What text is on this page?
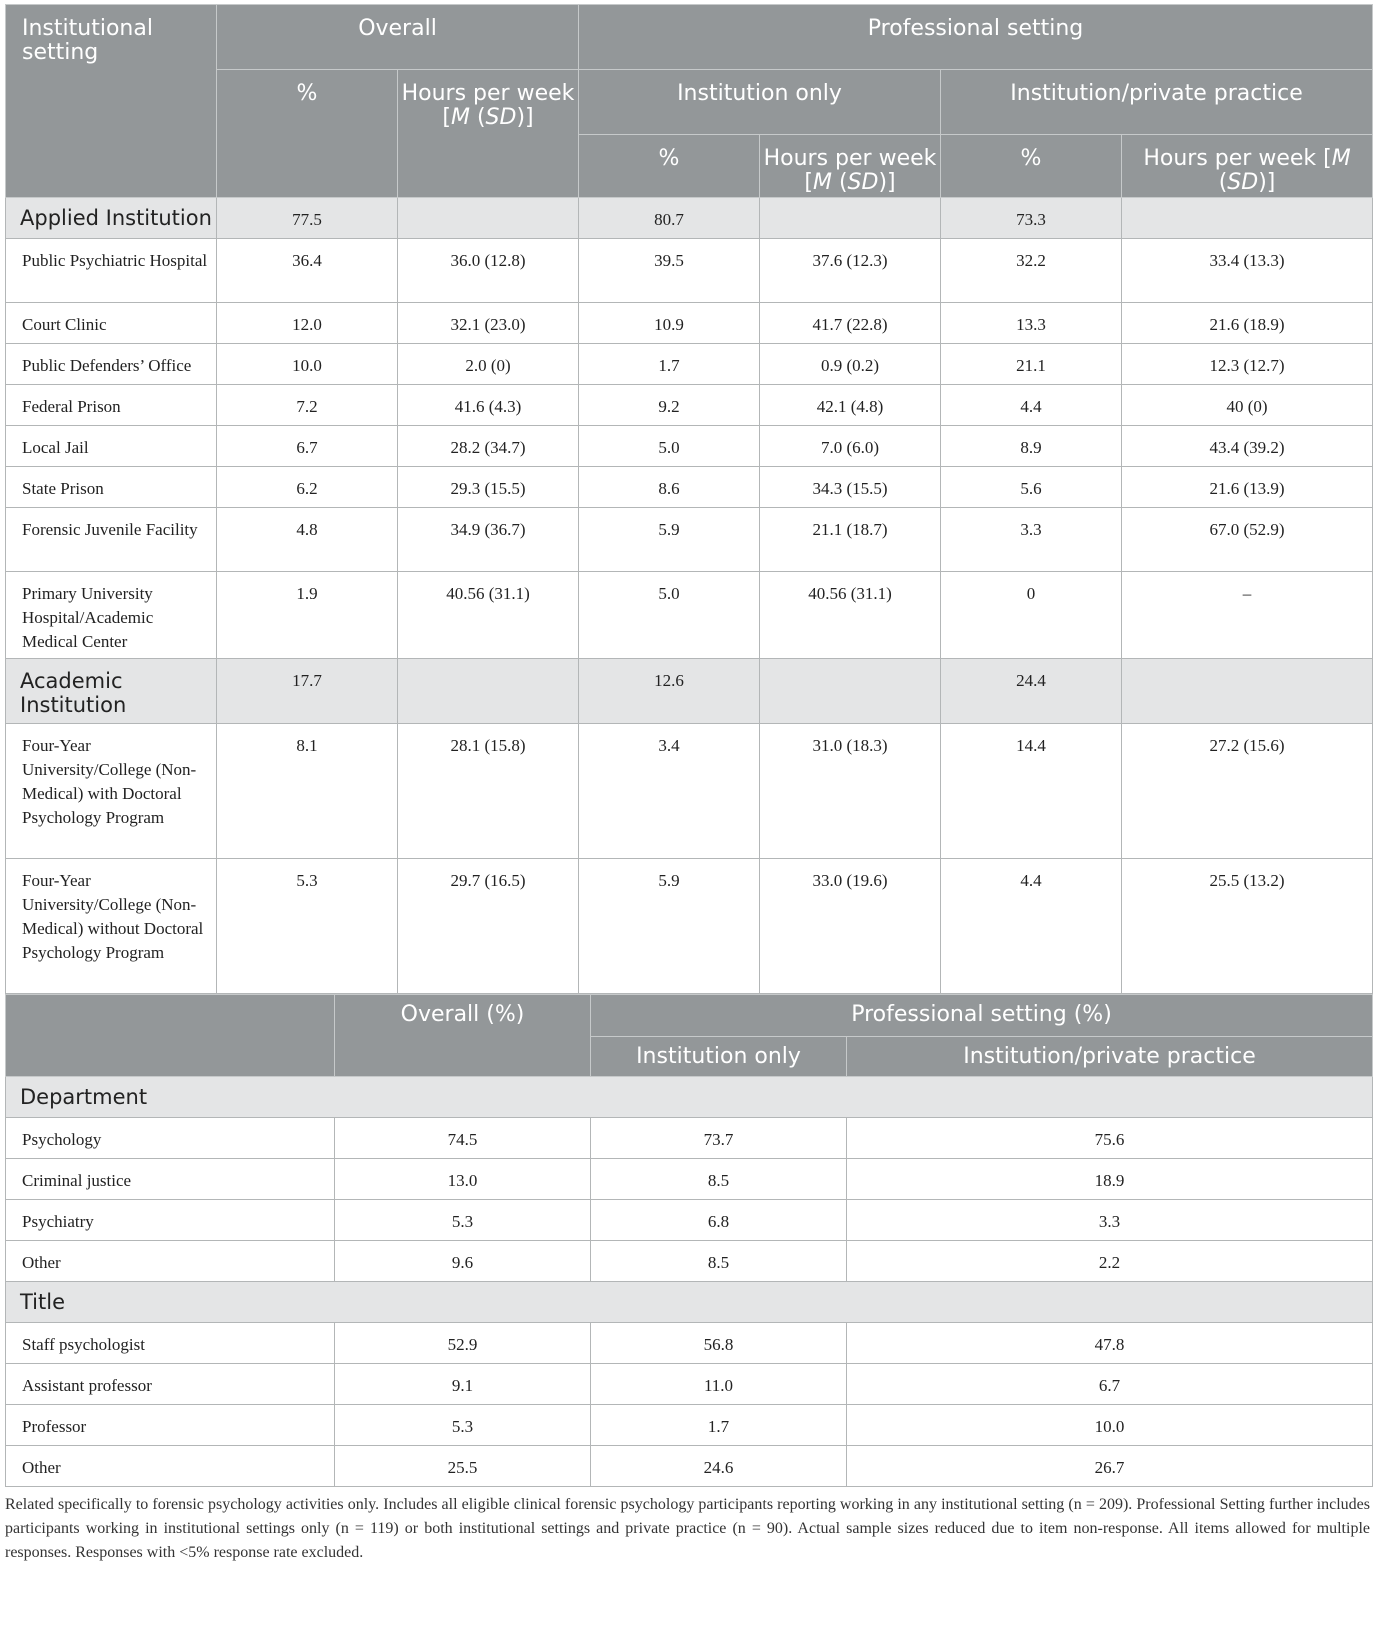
Institutional setting	Overall		Professional setting			
	%	Hours per week [M (SD)]	Institution only		Institution/private practice	
			%	Hours per week [M (SD)]	%	Hours per week [M (SD)]
Applied Institution	77.5		80.7		73.3	
Public Psychiatric Hospital	36.4	36.0 (12.8)	39.5	37.6 (12.3)	32.2	33.4 (13.3)
Court Clinic	12.0	32.1 (23.0)	10.9	41.7 (22.8)	13.3	21.6 (18.9)
Public Defenders’ Office	10.0	2.0 (0)	1.7	0.9 (0.2)	21.1	12.3 (12.7)
Federal Prison	7.2	41.6 (4.3)	9.2	42.1 (4.8)	4.4	40 (0)
Local Jail	6.7	28.2 (34.7)	5.0	7.0 (6.0)	8.9	43.4 (39.2)
State Prison	6.2	29.3 (15.5)	8.6	34.3 (15.5)	5.6	21.6 (13.9)
Forensic Juvenile Facility	4.8	34.9 (36.7)	5.9	21.1 (18.7)	3.3	67.0 (52.9)
Primary University Hospital/Academic Medical Center	1.9	40.56 (31.1)	5.0	40.56 (31.1)	0	–
Academic Institution	17.7		12.6		24.4	
Four-Year University/College (Non-Medical) with Doctoral Psychology Program	8.1	28.1 (15.8)	3.4	31.0 (18.3)	14.4	27.2 (15.6)
Four-Year University/College (Non-Medical) without Doctoral Psychology Program	5.3	29.7 (16.5)	5.9	33.0 (19.6)	4.4	25.5 (13.2)
	Overall (%)	Professional setting (%)	
		Institution only	Institution/private practice
Department			
Psychology	74.5	73.7	75.6
Criminal justice	13.0	8.5	18.9
Psychiatry	5.3	6.8	3.3
Other	9.6	8.5	2.2
Title			
Staff psychologist	52.9	56.8	47.8
Assistant professor	9.1	11.0	6.7
Professor	5.3	1.7	10.0
Other	25.5	24.6	26.7
Related specifically to forensic psychology activities only. Includes all eligible clinical forensic psychology participants reporting working in any institutional setting (n = 209). Professional Setting further includes participants working in institutional settings only (n = 119) or both institutional settings and private practice (n = 90). Actual sample sizes reduced due to item non-response. All items allowed for multiple responses. Responses with <5% response rate excluded.
